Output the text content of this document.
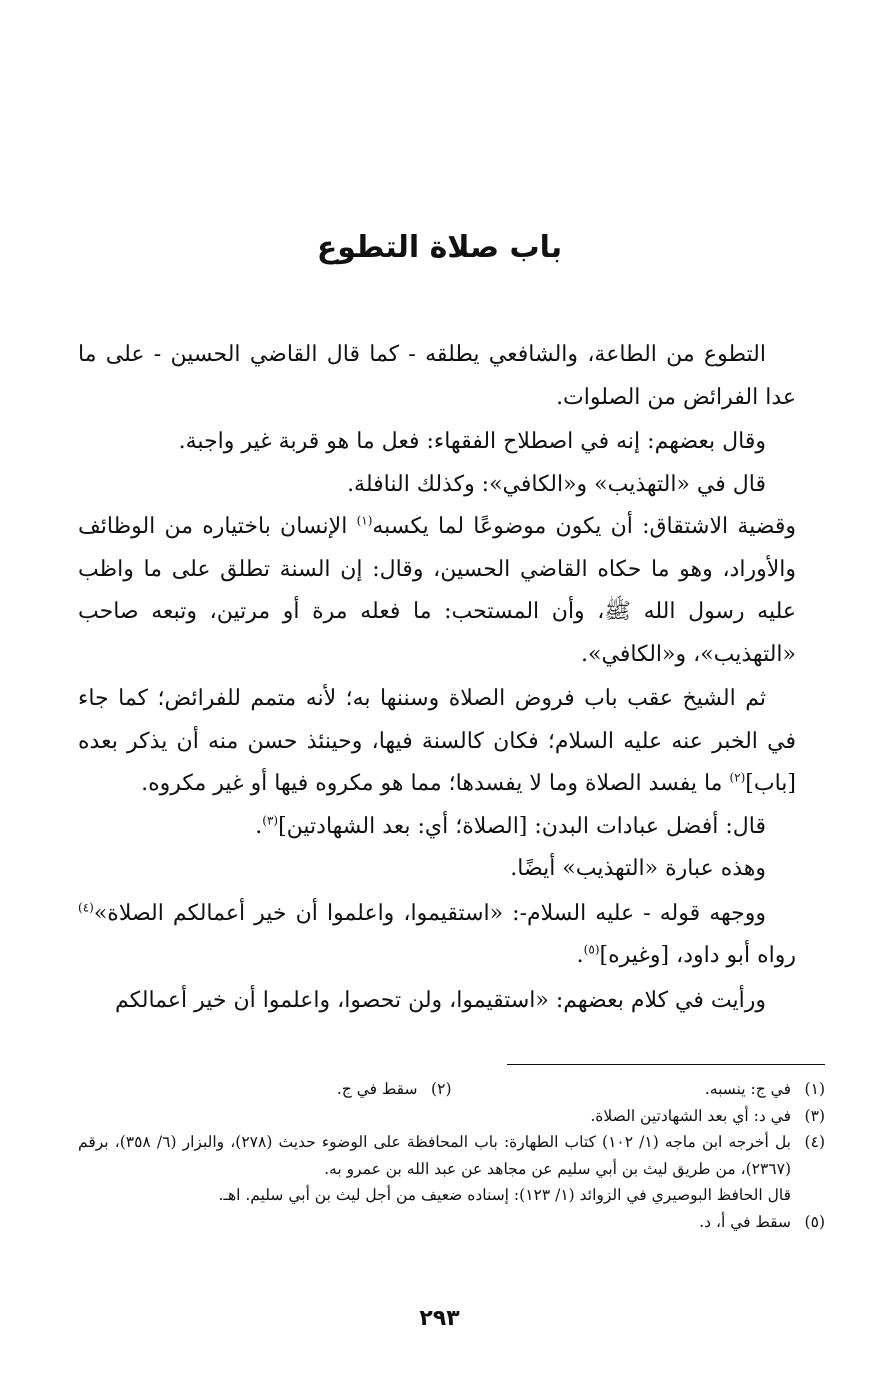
باب صلاة التطوع

التطوع من الطاعة، والشافعي يطلقه - كما قال القاضي الحسين - على ما عدا الفرائض من الصلوات.

وقال بعضهم: إنه في اصطلاح الفقهاء: فعل ما هو قربة غير واجبة.

قال في «التهذيب» و«الكافي»: وكذلك النافلة.

وقضية الاشتقاق: أن يكون موضوعًا لما يكسبه$^{(١)}$ الإنسان باختياره من الوظائف والأوراد، وهو ما حكاه القاضي الحسين، وقال: إن السنة تطلق على ما واظب عليه رسول الله ﷺ، وأن المستحب: ما فعله مرة أو مرتين، وتبعه صاحب «التهذيب»، و«الكافي».

ثم الشيخ عقب باب فروض الصلاة وسننها به؛ لأنه متمم للفرائض؛ كما جاء في الخبر عنه عليه السلام؛ فكان كالسنة فيها، وحينئذ حسن منه أن يذكر بعده [باب]$^{(٢)}$ ما يفسد الصلاة وما لا يفسدها؛ مما هو مكروه فيها أو غير مكروه.

قال: أفضل عبادات البدن: [الصلاة؛ أي: بعد الشهادتين]$^{(٣)}$.

وهذه عبارة «التهذيب» أيضًا.

ووجهه قوله - عليه السلام-: «استقيموا، واعلموا أن خير أعمالكم الصلاة»$^{(٤)}$ رواه أبو داود، [وغيره]$^{(٥)}$.

ورأيت في كلام بعضهم: «استقيموا، ولن تحصوا، واعلموا أن خير أعمالكم

(١)
في ج: ينسبه.
(٢)
سقط في ج.
(٣)
في د: أي بعد الشهادتين الصلاة.
(٤)
بل أخرجه ابن ماجه (١/ ١٠٢) كتاب الطهارة: باب المحافظة على الوضوء حديث (٢٧٨)، والبزار (٦/ ٣٥٨)، برقم (٢٣٦٧)، من طريق ليث بن أبي سليم عن مجاهد عن عبد الله بن عمرو به.
قال الحافظ البوصيري في الزوائد (١/ ١٢٣): إسناده ضعيف من أجل ليث بن أبي سليم. اهـ.
(٥)
سقط في أ، د.
٢٩٣
